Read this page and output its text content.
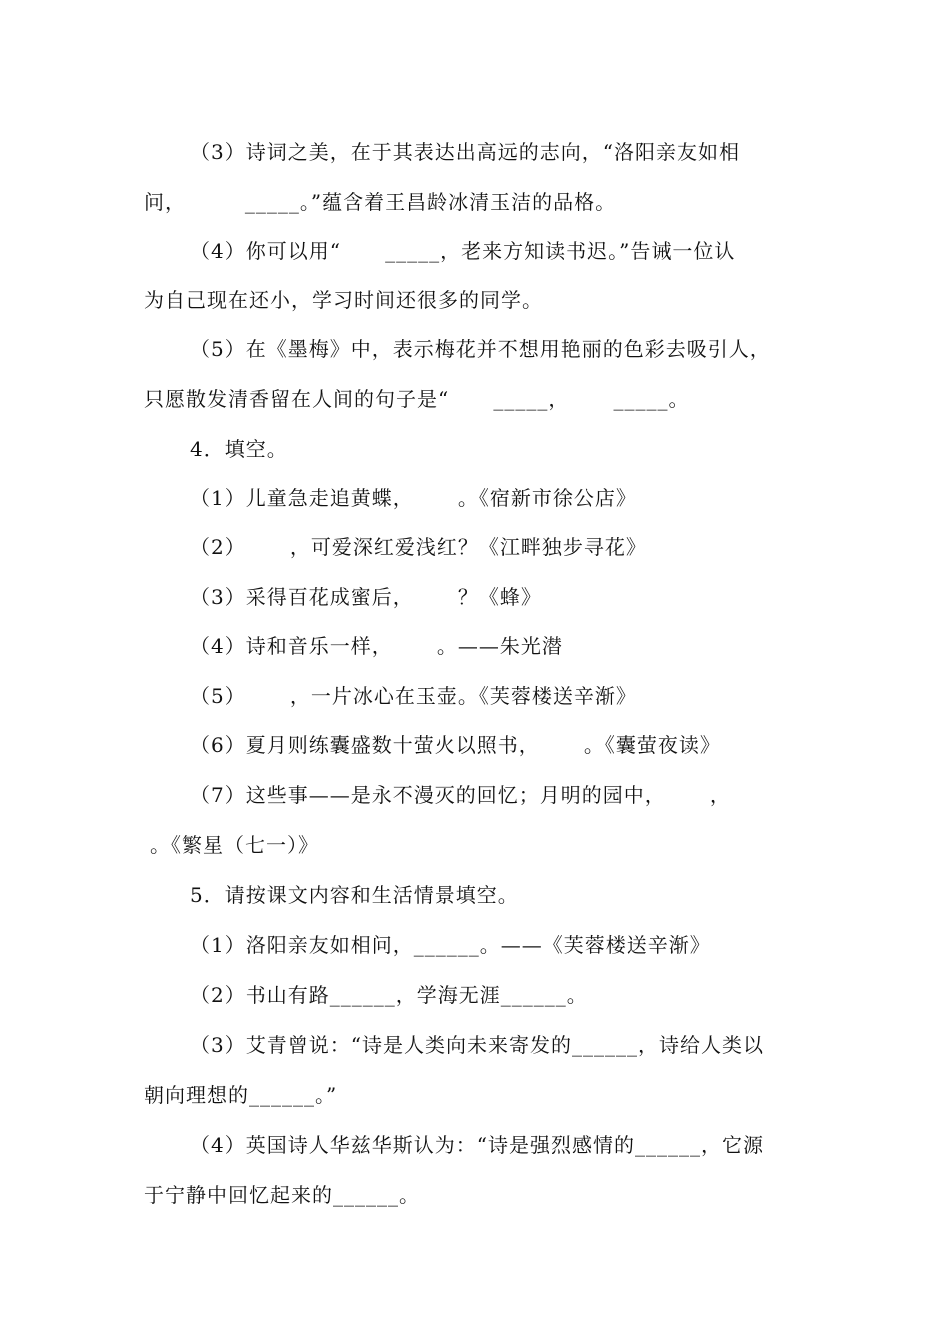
（3）诗词之美，在于其表达出高远的志向，“洛阳亲友如相
问，        _____。”蕴含着王昌龄冰清玉洁的品格。
（4）你可以用“      _____，老来方知读书迟。”告诫一位认
为自己现在还小，学习时间还很多的同学。
（5）在《墨梅》中，表示梅花并不想用艳丽的色彩去吸引人，
只愿散发清香留在人间的句子是“      _____，      _____。
4．填空。
（1）儿童急走追黄蝶，      。《宿新市徐公店》
（2）      ，可爱深红爱浅红？《江畔独步寻花》
（3）采得百花成蜜后，      ？《蜂》
（4）诗和音乐一样，      。——朱光潜
（5）      ，一片冰心在玉壶。《芙蓉楼送辛渐》
（6）夏月则练囊盛数十萤火以照书，      。《囊萤夜读》
（7）这些事——是永不漫灭的回忆；月明的园中，      ，
。《繁星（七一）》
5．请按课文内容和生活情景填空。
（1）洛阳亲友如相问，______。——《芙蓉楼送辛渐》
（2）书山有路______，学海无涯______。
（3）艾青曾说：“诗是人类向未来寄发的______，诗给人类以
朝向理想的______。”
（4）英国诗人华兹华斯认为：“诗是强烈感情的______，它源
于宁静中回忆起来的______。
